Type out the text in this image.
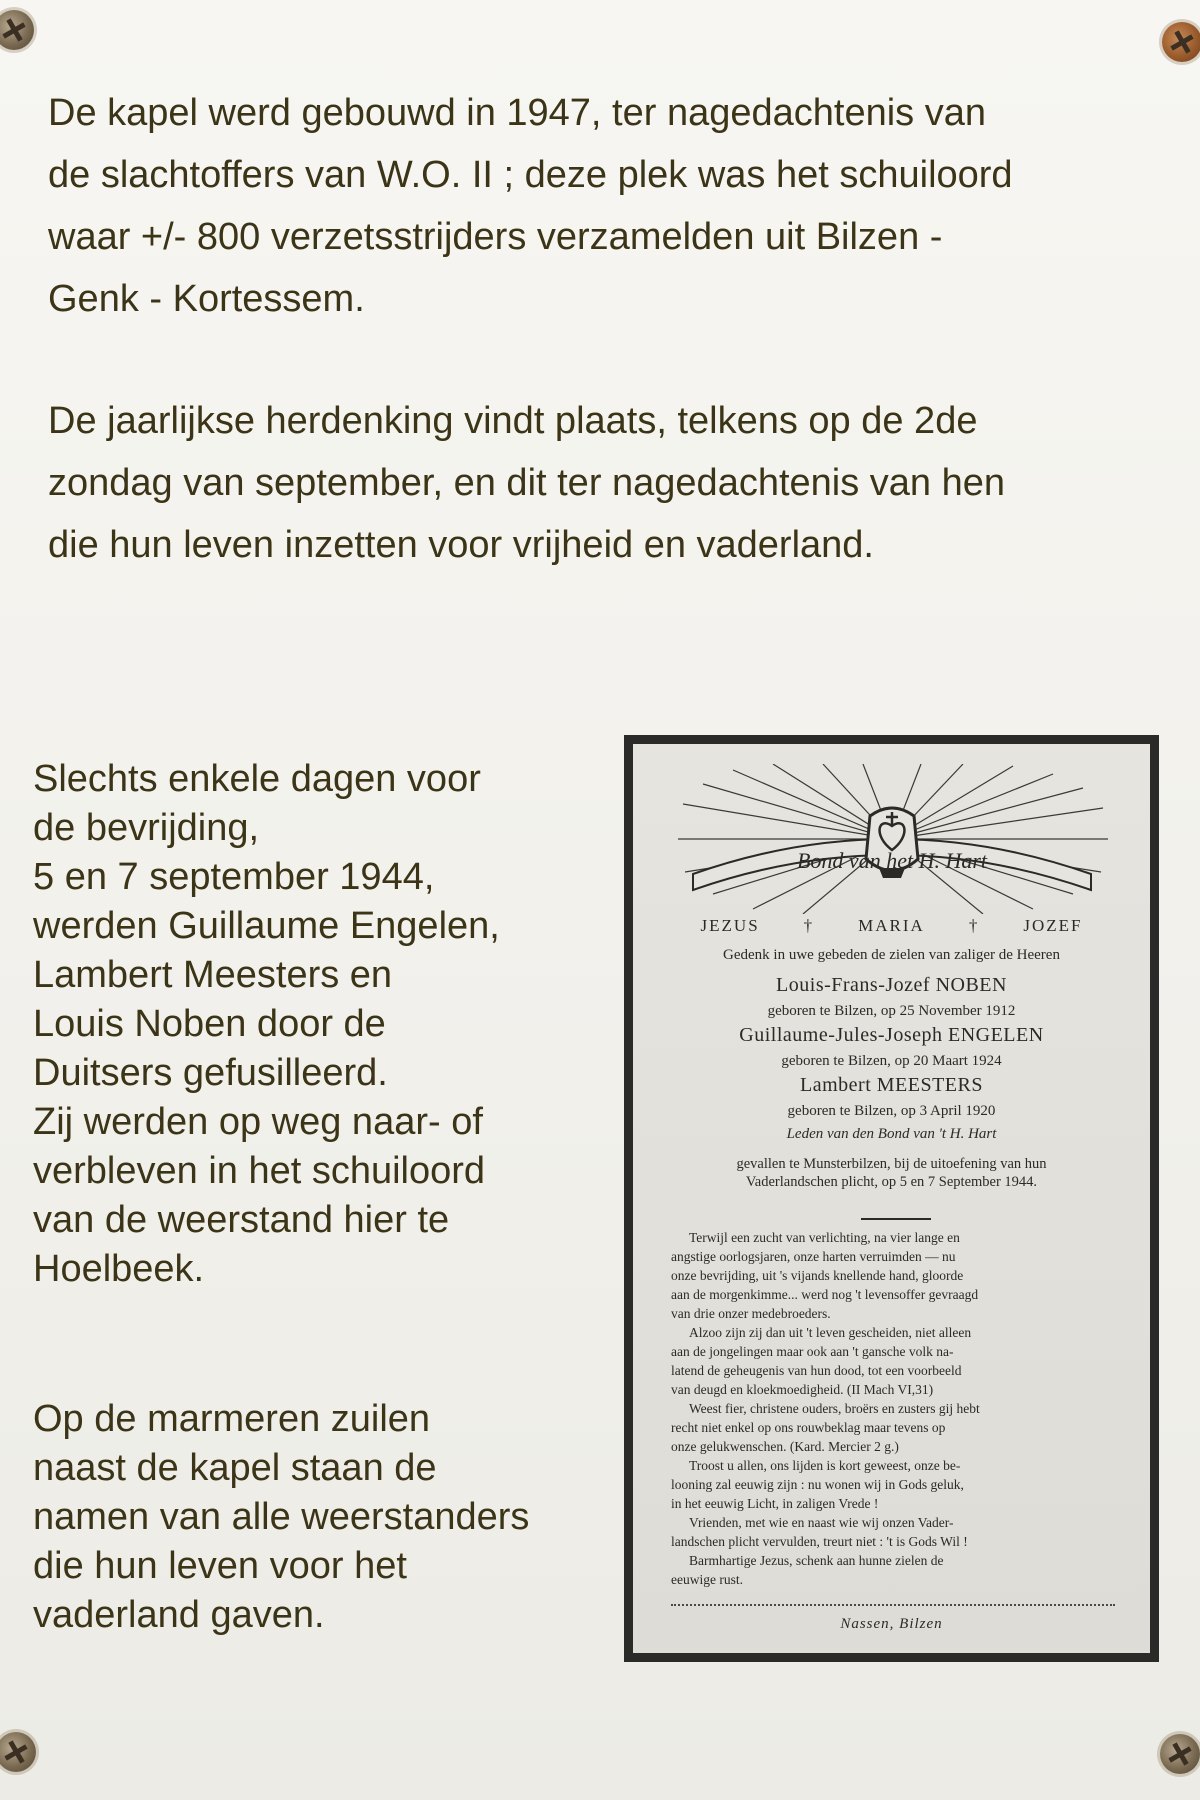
De kapel werd gebouwd in 1947, ter nagedachtenis van
de slachtoffers van W.O. II ; deze plek was het schuiloord
waar +/- 800 verzetsstrijders verzamelden uit Bilzen -
Genk - Kortessem.
De jaarlijkse herdenking vindt plaats, telkens op de 2de
zondag van september, en dit ter nagedachtenis van hen
die hun leven inzetten voor vrijheid en vaderland.
Slechts enkele dagen voor
de bevrijding,
5 en 7 september 1944,
werden Guillaume Engelen,
Lambert Meesters en
Louis Noben door de
Duitsers gefusilleerd.
Zij werden op weg naar- of
verbleven in het schuiloord
van de weerstand hier te
Hoelbeek.
Op de marmeren zuilen
naast de kapel staan de
namen van alle weerstanders
die hun leven voor het
vaderland gaven.
Bond van het H. Hart
JEZUS	†	MARIA	†	JOZEF
Gedenk in uwe gebeden de zielen van zaliger de Heeren
Louis-Frans-Jozef NOBEN
geboren te Bilzen, op 25 November 1912
Guillaume-Jules-Joseph ENGELEN
geboren te Bilzen, op 20 Maart 1924
Lambert MEESTERS
geboren te Bilzen, op 3 April 1920
Leden van den Bond van 't H. Hart
gevallen te Munsterbilzen, bij de uitoefening van hun
Vaderlandschen plicht, op 5 en 7 September 1944.
Terwijl een zucht van verlichting, na vier lange en
angstige oorlogsjaren, onze harten verruimden — nu
onze bevrijding, uit 's vijands knellende hand, gloorde
aan de morgenkimme... werd nog 't levensoffer gevraagd
van drie onzer medebroeders.
Alzoo zijn zij dan uit 't leven gescheiden, niet alleen
aan de jongelingen maar ook aan 't gansche volk na-
latend de geheugenis van hun dood, tot een voorbeeld
van deugd en kloekmoedigheid. (II Mach VI,31)
Weest fier, christene ouders, broërs en zusters gij hebt
recht niet enkel op ons rouwbeklag maar tevens op
onze gelukwenschen. (Kard. Mercier 2 g.)
Troost u allen, ons lijden is kort geweest, onze be-
looning zal eeuwig zijn : nu wonen wij in Gods geluk,
in het eeuwig Licht, in zaligen Vrede !
Vrienden, met wie en naast wie wij onzen Vader-
landschen plicht vervulden, treurt niet : 't is Gods Wil !
Barmhartige Jezus, schenk aan hunne zielen de
eeuwige rust.
Nassen, Bilzen
